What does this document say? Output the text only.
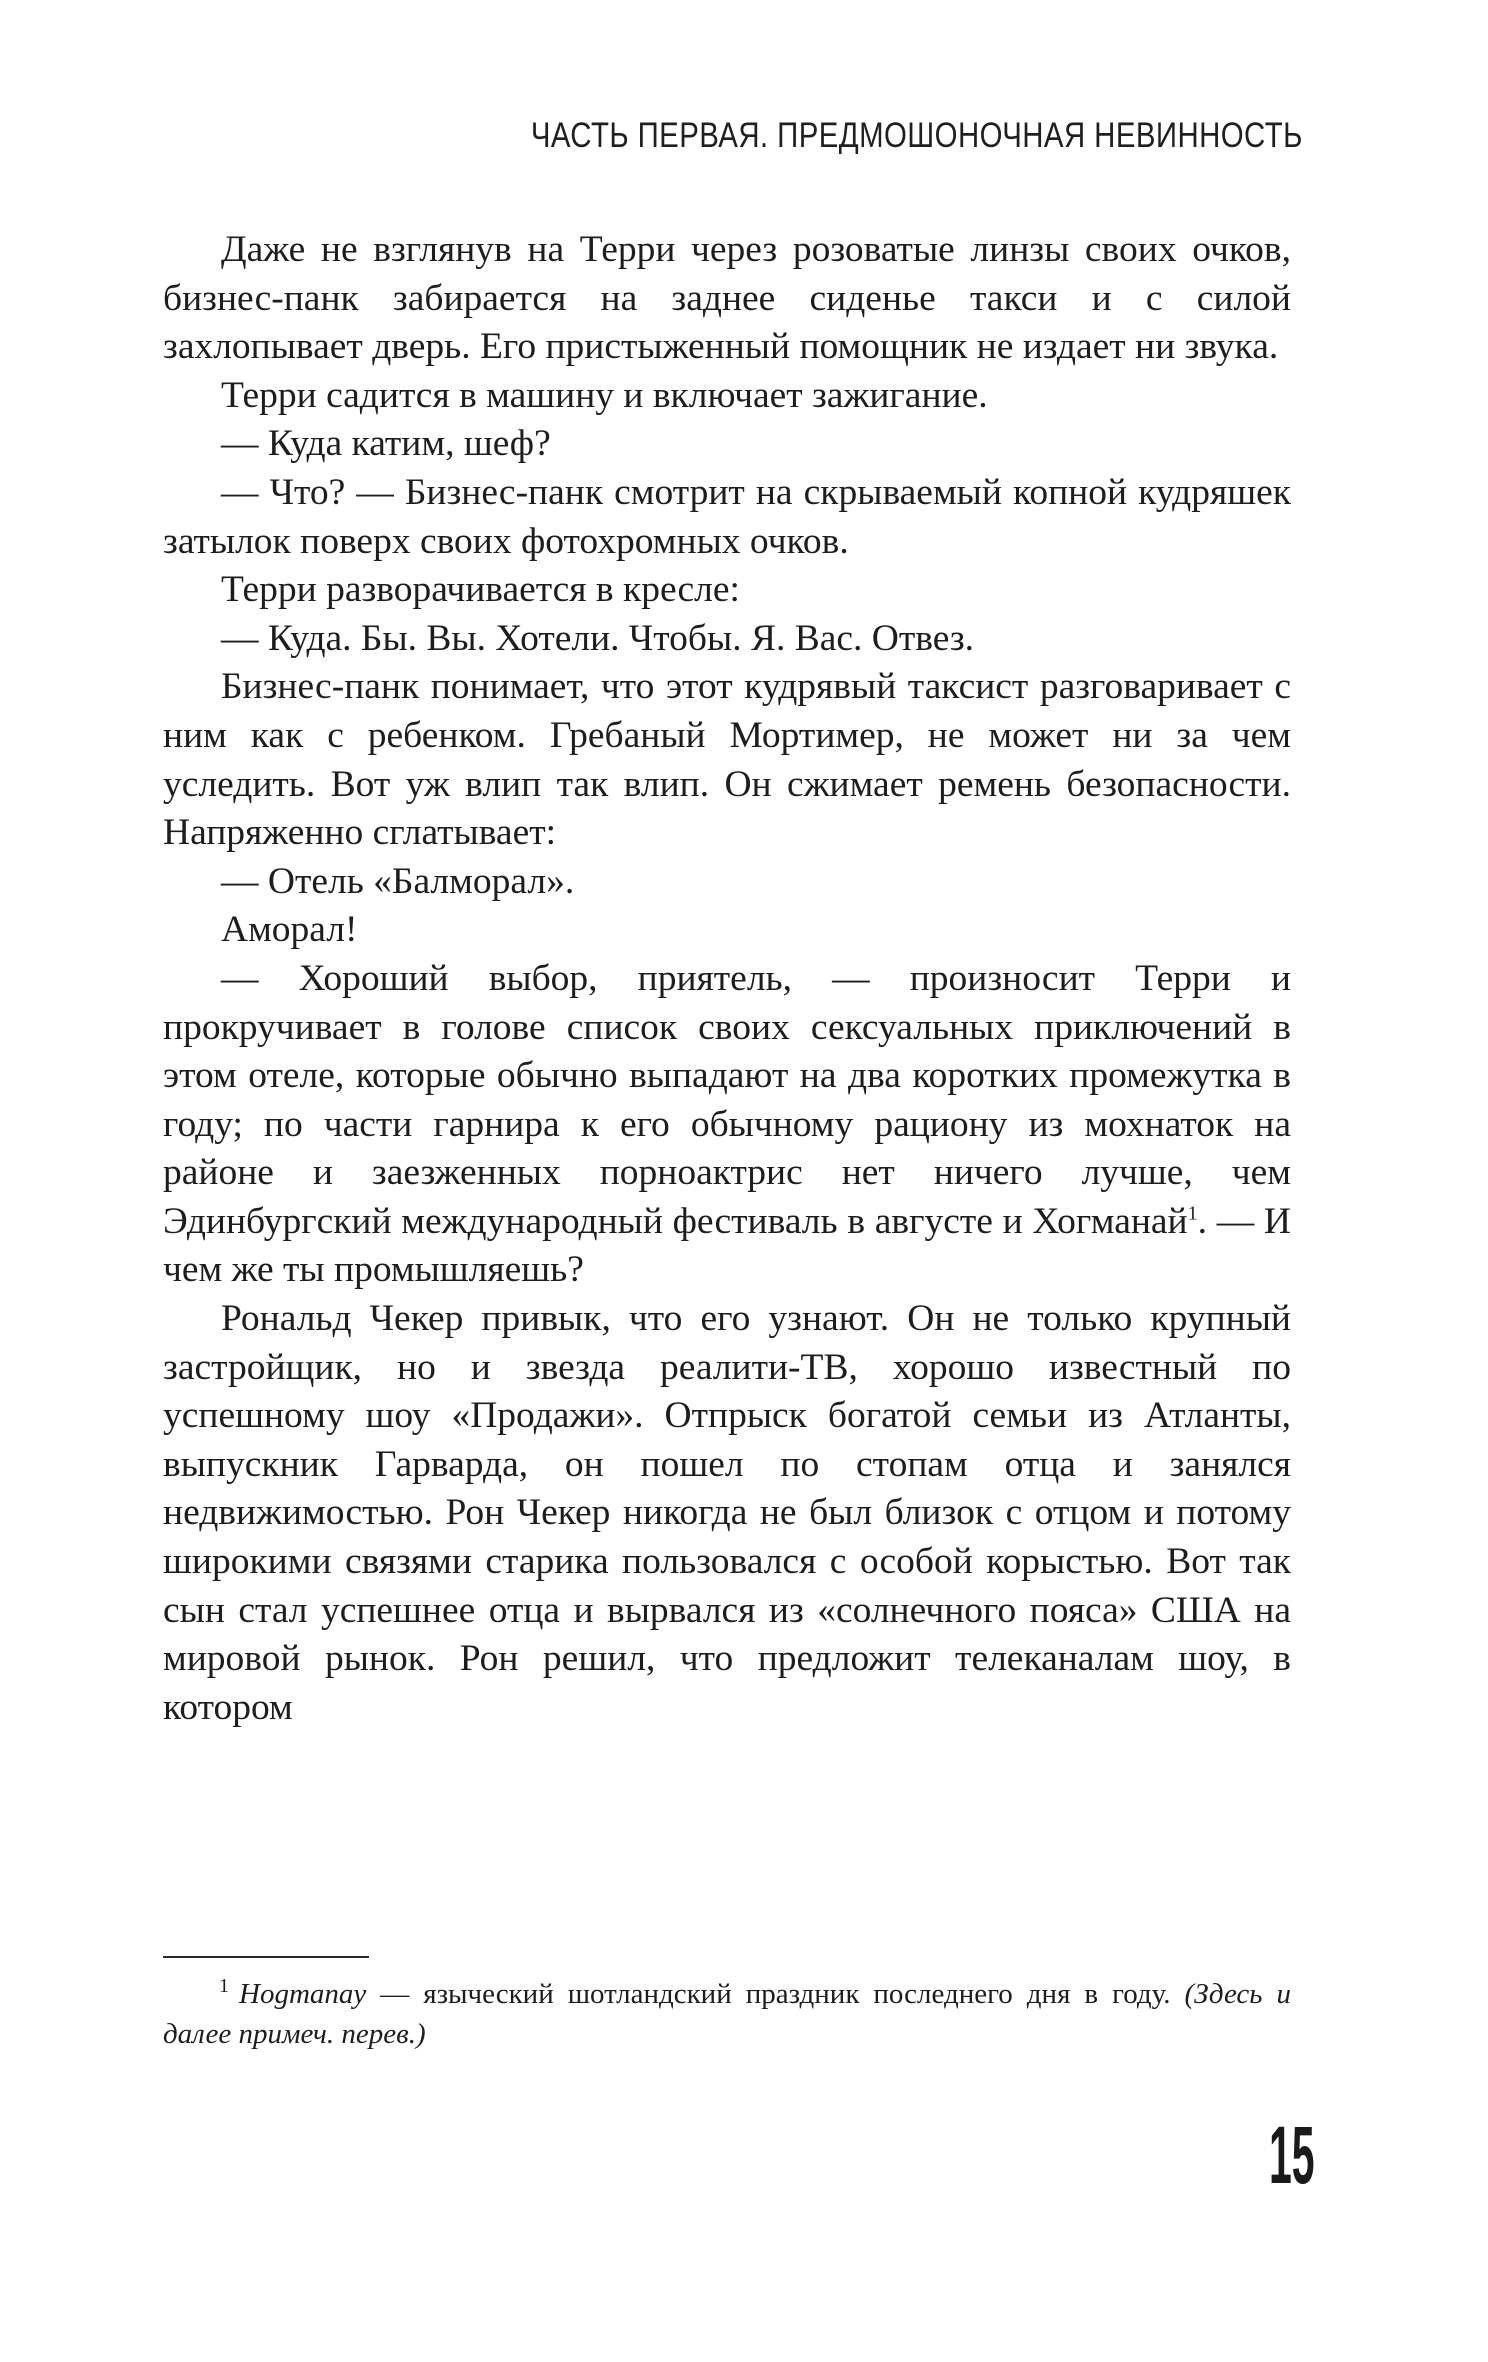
ЧАСТЬ ПЕРВАЯ. ПРЕДМОШОНОЧНАЯ НЕВИННОСТЬ

Даже не взглянув на Терри через розоватые линзы своих очков, бизнес-панк забирается на заднее сиденье такси и с силой захлопывает дверь. Его пристыженный помощник не издает ни звука.

Терри садится в машину и включает зажигание.

— Куда катим, шеф?

— Что? — Бизнес-панк смотрит на скрываемый копной кудряшек затылок поверх своих фотохромных очков.

Терри разворачивается в кресле:

— Куда. Бы. Вы. Хотели. Чтобы. Я. Вас. Отвез.

Бизнес-панк понимает, что этот кудрявый таксист разговаривает с ним как с ребенком. Гребаный Мортимер, не может ни за чем уследить. Вот уж влип так влип. Он сжимает ремень безопасности. Напряженно сглатывает:

— Отель «Балморал».

Аморал!

— Хороший выбор, приятель, — произносит Терри и прокручивает в голове список своих сексуальных приключений в этом отеле, которые обычно выпадают на два коротких промежутка в году; по части гарнира к его обычному рациону из мохнаток на районе и заезженных порноактрис нет ничего лучше, чем Эдинбургский международный фестиваль в августе и Хогманай$^1$. — И чем же ты промышляешь?

Рональд Чекер привык, что его узнают. Он не только крупный застройщик, но и звезда реалити-ТВ, хорошо известный по успешному шоу «Продажи». Отпрыск богатой семьи из Атланты, выпускник Гарварда, он пошел по стопам отца и занялся недвижимостью. Рон Чекер никогда не был близок с отцом и потому широкими связями старика пользовался с особой корыстью. Вот так сын стал успешнее отца и вырвался из «солнечного пояса» США на мировой рынок. Рон решил, что предложит телеканалам шоу, в котором

$^1$ Hogmanay — языческий шотландский праздник последнего дня в году. (Здесь и далее примеч. перев.)

15
